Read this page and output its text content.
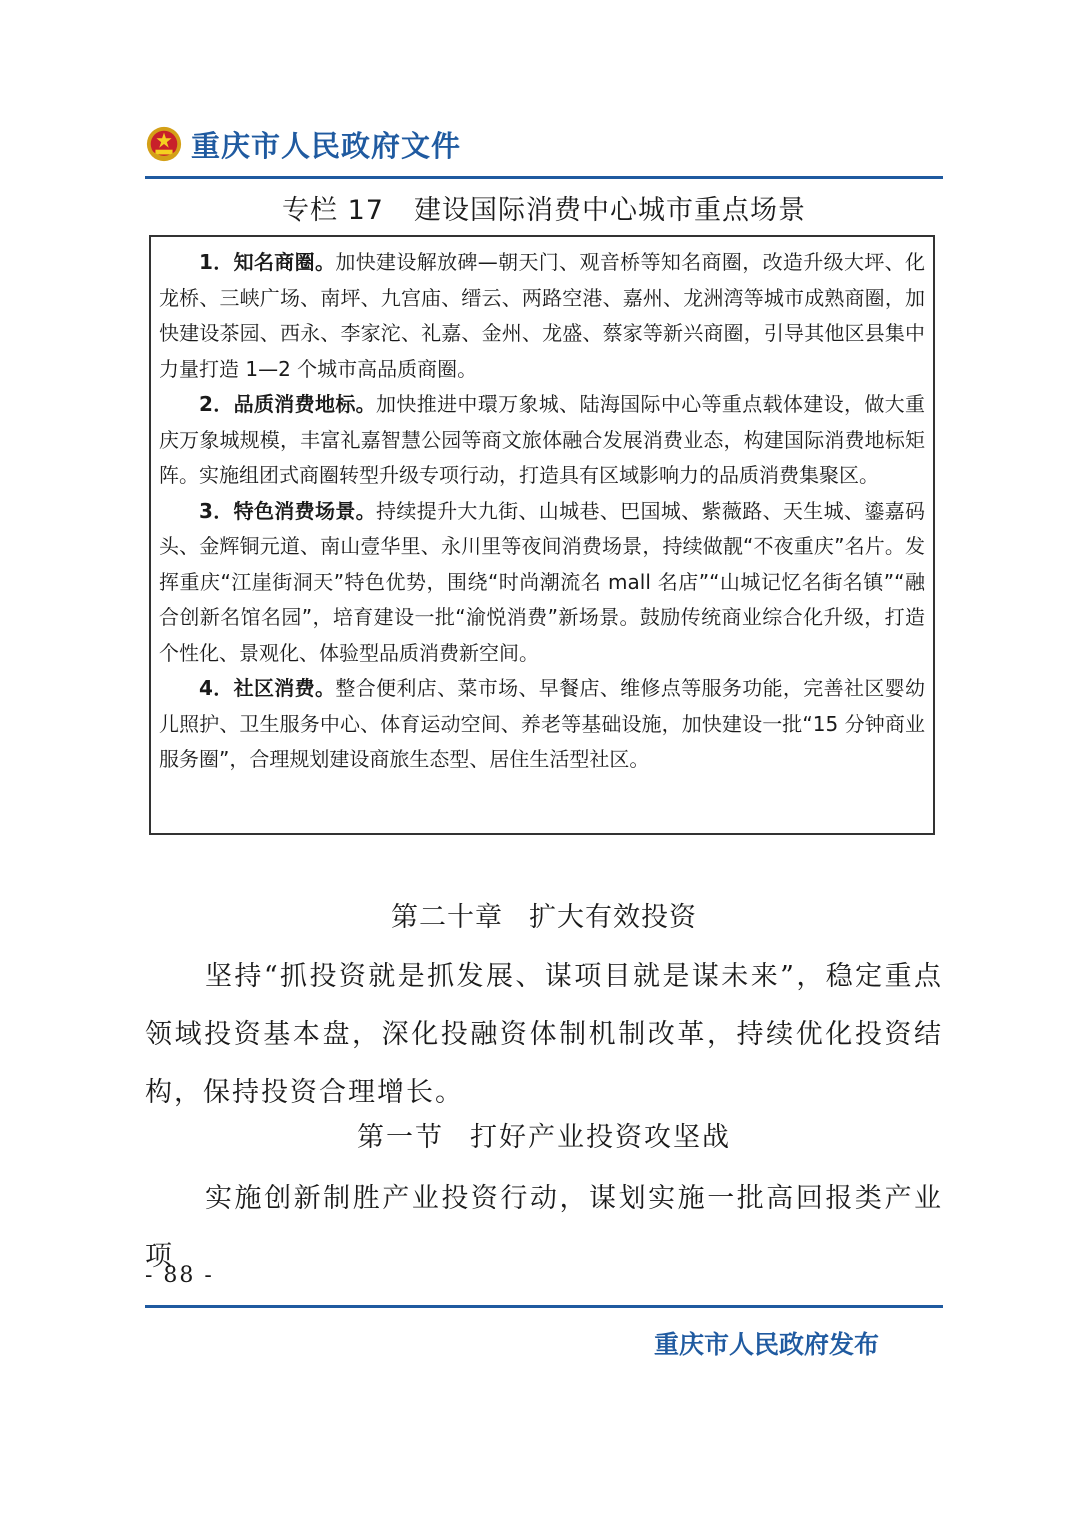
重庆市人民政府文件
专栏 17 建设国际消费中心城市重点场景

1．知名商圈。加快建设解放碑—朝天门、观音桥等知名商圈，改造升级大坪、化龙桥、三峡广场、南坪、九宫庙、缙云、两路空港、嘉州、龙洲湾等城市成熟商圈，加快建设茶园、西永、李家沱、礼嘉、金州、龙盛、蔡家等新兴商圈，引导其他区县集中力量打造 1—2 个城市高品质商圈。

2．品质消费地标。加快推进中環万象城、陆海国际中心等重点载体建设，做大重庆万象城规模，丰富礼嘉智慧公园等商文旅体融合发展消费业态，构建国际消费地标矩阵。实施组团式商圈转型升级专项行动，打造具有区域影响力的品质消费集聚区。

3．特色消费场景。持续提升大九街、山城巷、巴国城、紫薇路、天生城、鎏嘉码头、金辉铜元道、南山壹华里、永川里等夜间消费场景，持续做靓“不夜重庆”名片。发挥重庆“江崖街洞天”特色优势，围绕“时尚潮流名 mall 名店”“山城记忆名街名镇”“融合创新名馆名园”，培育建设一批“渝悦消费”新场景。鼓励传统商业综合化升级，打造个性化、景观化、体验型品质消费新空间。

4．社区消费。整合便利店、菜市场、早餐店、维修点等服务功能，完善社区婴幼儿照护、卫生服务中心、体育运动空间、养老等基础设施，加快建设一批“15 分钟商业服务圈”，合理规划建设商旅生态型、居住生活型社区。

第二十章 扩大有效投资
坚持“抓投资就是抓发展、谋项目就是谋未来”，稳定重点领域投资基本盘，深化投融资体制机制改革，持续优化投资结构，保持投资合理增长。
第一节 打好产业投资攻坚战
实施创新制胜产业投资行动，谋划实施一批高回报类产业项
- 88 -
重庆市人民政府发布
